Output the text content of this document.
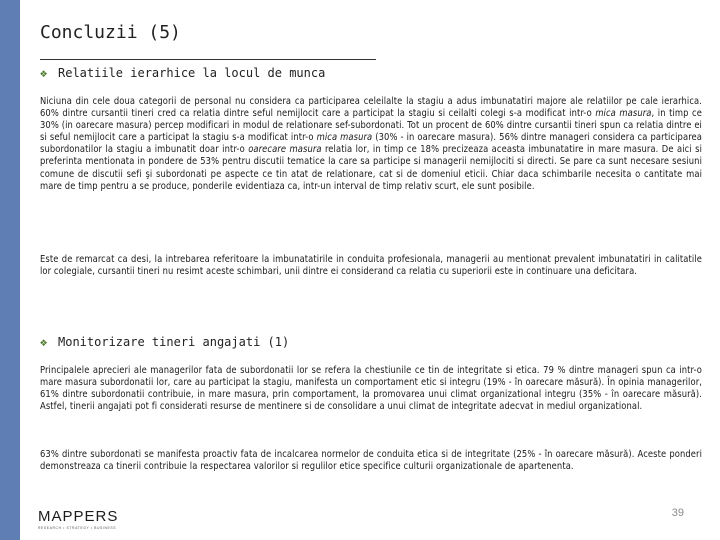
Concluzii (5)
❖ Relatiile ierarhice la locul de munca

Niciuna din cele doua categorii de personal nu considera ca participarea celeilalte la stagiu a adus imbunatatiri majore ale relatiilor pe cale ierarhica. 60% dintre cursantii tineri cred ca relatia dintre seful nemijlocit care a participat la stagiu si ceilalti colegi s-a modificat intr-o mica masura, in timp ce 30% (in oarecare masura) percep modificari in modul de relationare sef-subordonati. Tot un procent de 60% dintre cursantii tineri spun ca relatia dintre ei si seful nemijlocit care a participat la stagiu s-a modificat intr-o mica masura (30% - in oarecare masura). 56% dintre manageri considera ca participarea subordonatilor la stagiu a imbunatit doar intr-o oarecare masura relatia lor, in timp ce 18% precizeaza aceasta imbunatatire in mare masura. De aici si preferinta mentionata in pondere de 53% pentru discutii tematice la care sa participe si managerii nemijlociti si directi. Se pare ca sunt necesare sesiuni comune de discutii sefi şi subordonati pe aspecte ce tin atat de relationare, cat si de domeniul eticii. Chiar daca schimbarile necesita o cantitate mai mare de timp pentru a se produce, ponderile evidentiaza ca, intr-un interval de timp relativ scurt, ele sunt posibile.

Este de remarcat ca desi, la intrebarea referitoare la imbunatatirile in conduita profesionala, managerii au mentionat prevalent imbunatatiri in calitatile lor colegiale, cursantii tineri nu resimt aceste schimbari, unii dintre ei considerand ca relatia cu superiorii este in continuare una deficitara.

❖ Monitorizare tineri angajati (1)

Principalele aprecieri ale managerilor fata de subordonatii lor se refera la chestiunile ce tin de integritate si etica. 79 % dintre manageri spun ca intr-o mare masura subordonatii lor, care au participat la stagiu, manifesta un comportament etic si integru (19% - în oarecare măsură). În opinia managerilor, 61% dintre subordonatii contribuie, in mare masura, prin comportament, la promovarea unui climat organizational integru (35% - în oarecare măsură). Astfel, tinerii angajati pot fi considerati resurse de mentinere si de consolidare a unui climat de integritate adecvat in mediul organizational.

63% dintre subordonati se manifesta proactiv fata de incalcarea normelor de conduita etica si de integritate (25% - în oarecare măsură). Aceste ponderi demonstreaza ca tinerii contribuie la respectarea valorilor si regulilor etice specifice culturii organizationale de apartenenta.

MAPPERS
RESEARCH • STRATEGY • BUSINESS
39
